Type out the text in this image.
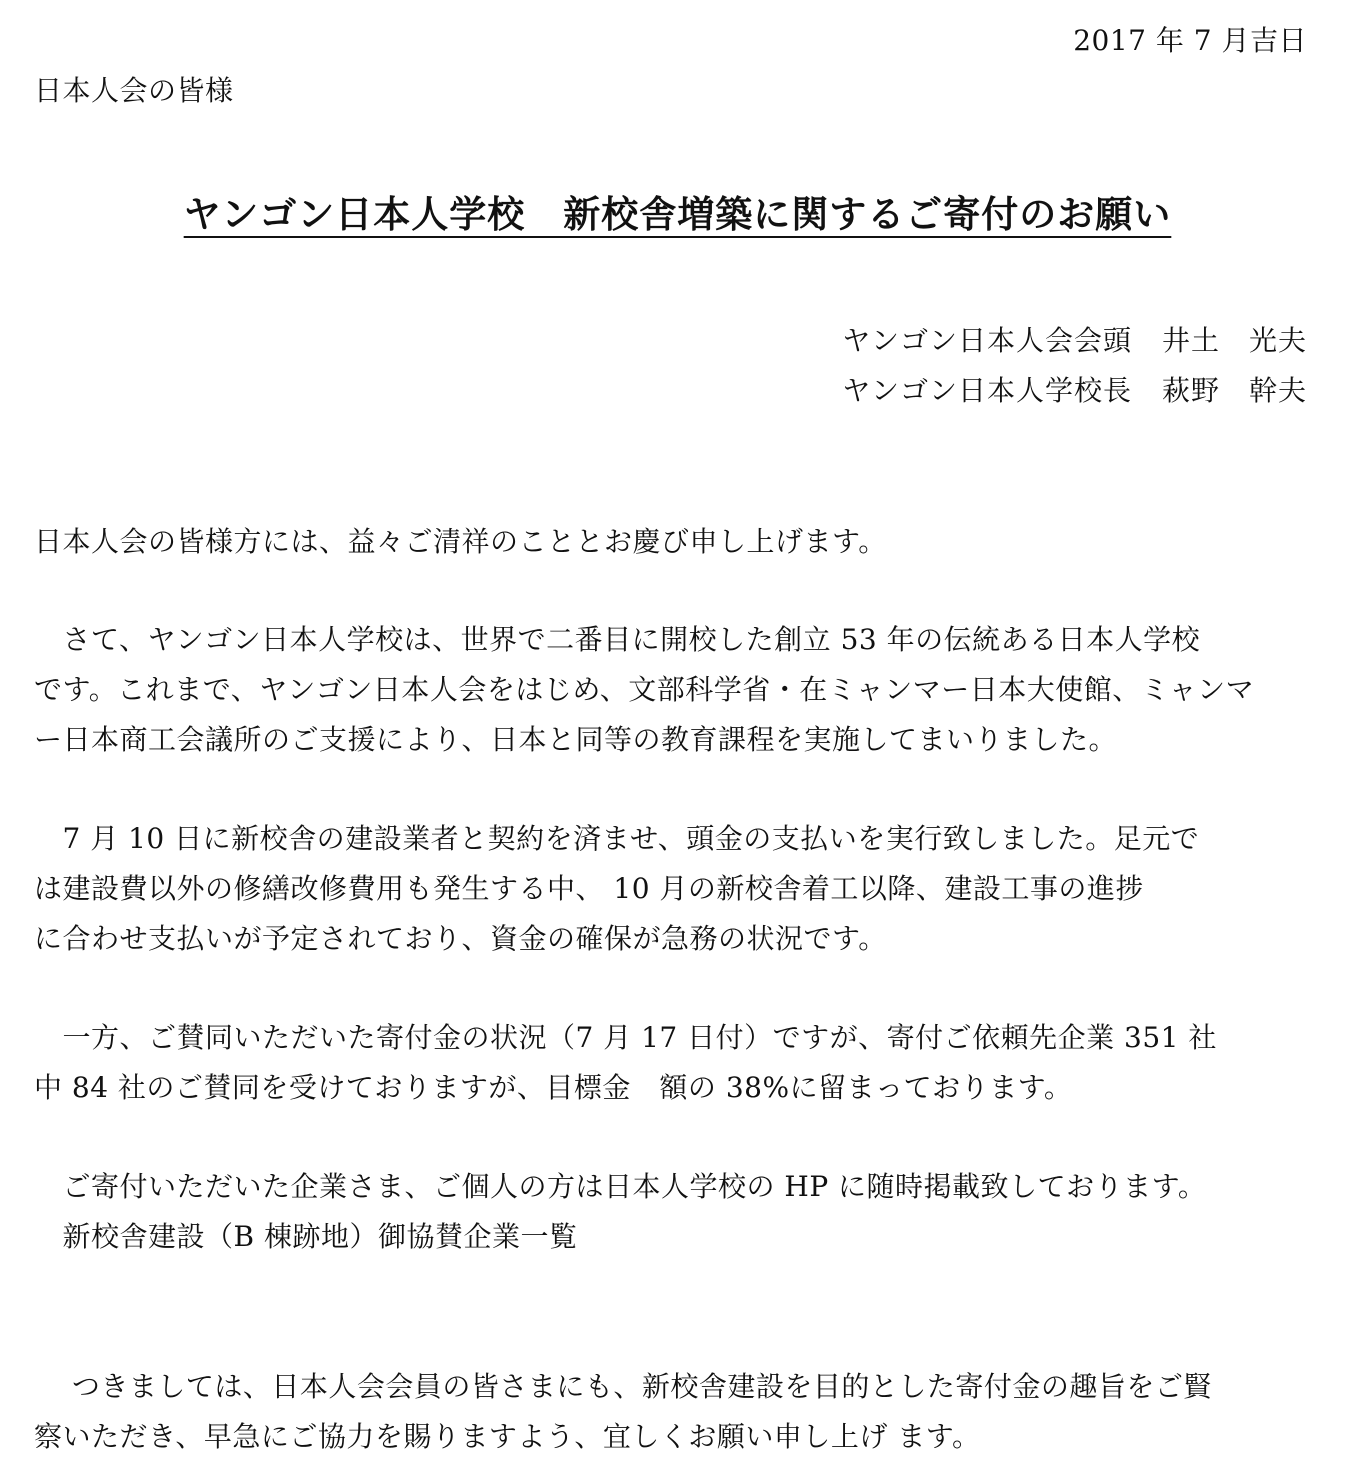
2017 年 7 月吉日
日本人会の皆様
ヤンゴン日本人学校　新校舎増築に関するご寄付のお願い
ヤンゴン日本人会会頭 井土　光夫
ヤンゴン日本人学校長 萩野　幹夫
日本人会の皆様方には、益々ご清祥のこととお慶び申し上げます。
　さて、ヤンゴン日本人学校は、世界で二番目に開校した創立 53 年の伝統ある日本人学校
です。これまで、ヤンゴン日本人会をはじめ、文部科学省・在ミャンマー日本大使館、ミャンマ
ー日本商工会議所のご支援により、日本と同等の教育課程を実施してまいりました。
　7 月 10 日に新校舎の建設業者と契約を済ませ、頭金の支払いを実行致しました。足元で
は建設費以外の修繕改修費用も発生する中、 10 月の新校舎着工以降、建設工事の進捗
に合わせ支払いが予定されており、資金の確保が急務の状況です。
　一方、ご賛同いただいた寄付金の状況（7 月 17 日付）ですが、寄付ご依頼先企業 351 社
中 84 社のご賛同を受けておりますが、目標金　額の 38%に留まっております。
　ご寄付いただいた企業さま、ご個人の方は日本人学校の HP に随時掲載致しております。
　新校舎建設（B 棟跡地）御協賛企業一覧
　 つきましては、日本人会会員の皆さまにも、新校舎建設を目的とした寄付金の趣旨をご賢
察いただき、早急にご協力を賜りますよう、宜しくお願い申し上げ ます。
